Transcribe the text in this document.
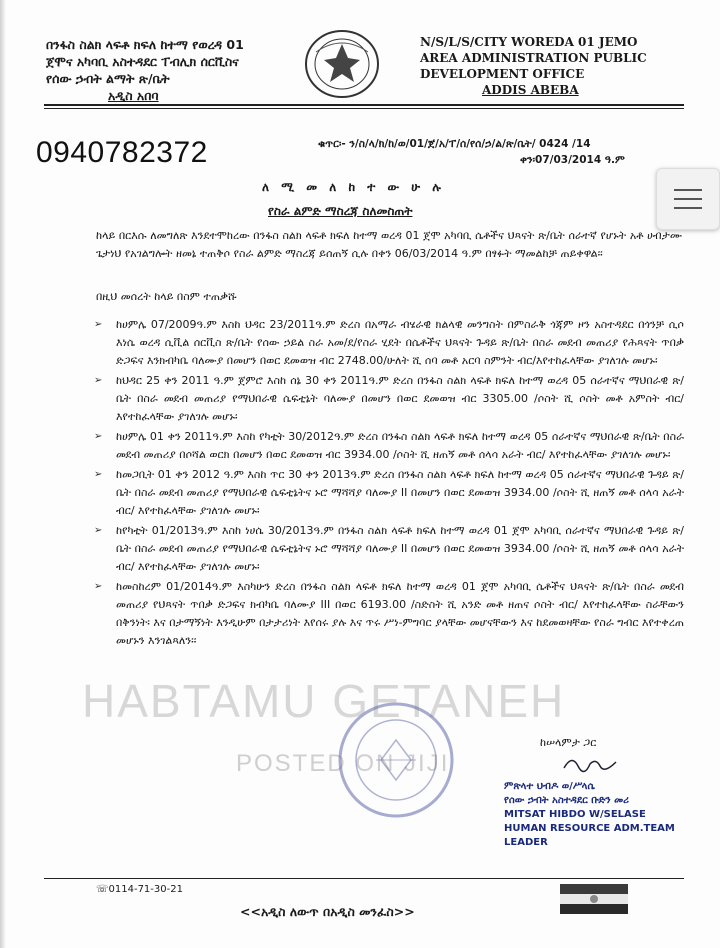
በንፋስ ስልክ ላፍቶ ክፍለ ከተማ የወረዳ 01
ጀሞና አካባቢ አስተዳደር ፐብሊክ ሰርቪስና
የሰው ኃብት ልማት ጽ/ቤት
አዲስ አበባ
N/S/L/S/CITY WOREDA 01 JEMO
AREA ADMINISTRATION PUBLIC
DEVELOPMENT OFFICE
ADDIS ABEBA
0940782372	ቁጥር፡- ን/ስ/ላ/ክ/ከ/ወ/01/ጀ/አ/ፐ/ሰ/የሰ/ኃ/ል/ጽ/ቤት/ 0424 /14
ቀን፡07/03/2014 ዓ.ም
ለ ሚ መ ለ ከ ተ ው ሁ ሉ
የስራ ልምድ ማስረጃ ስለመስጠት
ከላይ በርእሱ ለመግለጽ እንደተሞከረው በንፋስ ስልክ ላፍቶ ክፍለ ከተማ ወረዳ 01 ጀሞ አካባቢ ሴቶችና ህጻናት ጽ/ቤት ሰራተኛ የሆኑት አቶ ሀብታሙ ጌታነህ የአገልግሎት ዘመኔ ተጠቅሶ የስራ ልምድ ማስረጃ ይሰጠኝ ሲሉ በቀን 06/03/2014 ዓ.ም በፃፉት ማመልከቻ ጠይቀዋል፡፡
በዚህ መሰረት ከላይ በስም ተጠቃሹ
➢ ከሀምሌ 07/2009ዓ.ም እስከ ህዳር 23/2011ዓ.ም ድረስ በአማራ ብሄራዊ ክልላዊ መንግስት በምስራቅ ጎጃም ዞን አስተዳደር በጎንቻ ሲሶ እነሴ ወረዳ ሲቪል ሰርቪስ ጽ/ቤት የሰው ኃይል ስራ አመ/ደ/የስራ ሂደት በሴቶችና ህጻናት ጉዳይ ጽ/ቤት በስራ መደብ መጠሪያ የሕጻናት ጥበቃ ድጋፍና እንክብካቤ ባለሙያ በመሆን በወር ደመወዝ ብር 2748.00/ሁለት ሺ ሰባ መቶ አርባ ስምንት ብር/እየተከፈላቸው ያገለገሉ መሆኑ፡
➢ ከህዳር 25 ቀን 2011 ዓ.ም ጀምሮ እስከ ሰኔ 30 ቀን 2011ዓ.ም ድረስ በንፋስ ስልክ ላፍቶ ክፍለ ከተማ ወረዳ 05 ሰራተኛና ማህበራዊ ጽ/ቤት በስራ መደብ መጠሪያ የማህበራዊ ሴፍቲኔት ባለሙያ በመሆን በወር ደመወዝ ብር 3305.00 /ሶስት ሺ ሶስት መቶ አምስት ብር/ እየተከፈላቸው ያገለገሉ መሆኑ፡
➢ ከሀምሌ 01 ቀን 2011ዓ.ም እስከ የካቲት 30/2012ዓ.ም ድረስ በንፋስ ስልክ ላፍቶ ክፍለ ከተማ ወረዳ 05 ሰራተኛና ማህበራዊ ጽ/ቤት በስራ መደብ መጠሪያ በሶሻል ወርክ በመሆን በወር ደመወዝ ብር 3934.00 /ሶስት ሺ ዘጠኝ መቶ ሰላሳ አራት ብር/ እየተከፈላቸው ያገለገሉ መሆኑ፡
➢ ከመጋቢት 01 ቀን 2012 ዓ.ም እስከ ጥር 30 ቀን 2013ዓ.ም ድረስ በንፋስ ስልክ ላፍቶ ክፍለ ከተማ ወረዳ 05 ሰራተኛና ማህበራዊ ጉዳይ ጽ/ቤት በስራ መደብ መጠሪያ የማህበራዊ ሴፍቲኔትና ኑሮ ማሻሻያ ባለሙያ II በመሆን በወር ደመወዝ 3934.00 /ሶስት ሺ ዘጠኝ መቶ ሰላሳ አራት ብር/ እየተከፈላቸው ያገለገሉ መሆኑ፡
➢ ከየካቲት 01/2013ዓ.ም እስከ ነሀሴ 30/2013ዓ.ም በንፋስ ስልክ ላፍቶ ክፍለ ከተማ ወረዳ 01 ጀሞ አካባቢ ሰራተኛና ማህበራዊ ጉዳይ ጽ/ቤት በስራ መደብ መጠሪያ የማህበራዊ ሴፍቲኔትና ኑሮ ማሻሻያ ባለሙያ II በመሆን በወር ደመወዝ 3934.00 /ሶስት ሺ ዘጠኝ መቶ ሰላሳ አራት ብር/ እየተከፈላቸው ያገለገሉ መሆኑ፡
➢ ከመስከረም 01/2014ዓ.ም እስካሁን ድረስ በንፋስ ስልክ ላፍቶ ክፍለ ከተማ ወረዳ 01 ጀሞ አካባቢ ሴቶችና ህጻናት ጽ/ቤት በስራ መደብ መጠሪያ የህጻናት ጥበቃ ድጋፍና ክብካቤ ባለሙያ III በወር 6193.00 /ስድስት ሺ አንድ መቶ ዘጠና ሶስት ብር/ እየተከፈላቸው ስራቸውን በቅንነት፡ እና በታማኝነት እንዲሁም በታታሪነት እየሰሩ ያሉ እና ጥሩ ሥነ-ምግባር ያላቸው መሆናቸውን እና ከደመወዛቸው የስራ ግብር እየተቀረጠ መሆኑን እንገልጻለን፡፡
HABTAMU GETANEH
POSTED ON JIJI
ከሠላምታ ጋር
ምጽላተ ህብዶ ወ/ሥላሴ
የሰው ኃብት አስተዳደር ቡድን መሪ
MITSAT HIBDO W/SELASE
HUMAN RESOURCE ADM.TEAM LEADER
☏0114-71-30-21
<<አዲስ ለውጥ በአዲስ መንፈስ>>
